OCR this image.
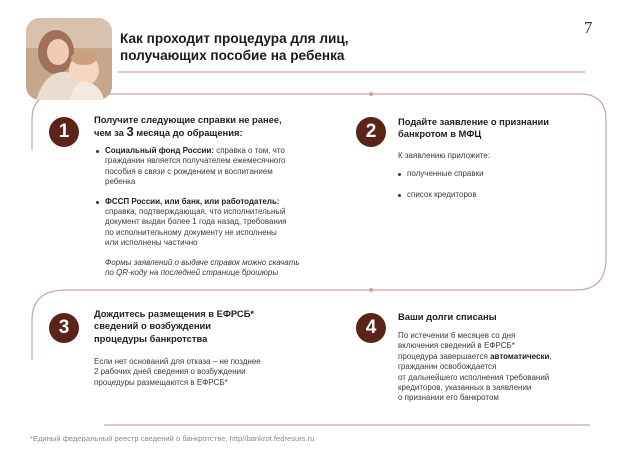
Как проходит процедура для лиц,
получающих пособие на ребенка
7
1
Получите следующие справки не ранее,
чем за 3 месяца до обращения:
Социальный фонд России: справка о том, что
гражданин является получателем ежемесячного
пособия в связи с рождением и воспитанием
ребенка
ФССП России, или банк, или работодатель:
справка, подтверждающая, что исполнительный
документ выдан более 1 года назад, требования
по исполнительному документу не исполнены
или исполнены частично
Формы заявлений о выдаче справок можно скачать
по QR-коду на последней странице брошюры
2	Подайте заявление о признании
банкротом в МФЦ
К заявлению приложите:
полученные справки
список кредиторов
3
Дождитесь размещения в ЕФРСБ*
сведений о возбуждении
процедуры банкротства
Если нет оснований для отказа – не позднее
2 рабочих дней сведения о возбуждении
процедуры размещаются в ЕФРСБ*
4
Ваши долги списаны
По истечении 6 месяцев со дня
включения сведений в ЕФРСБ*
процедура завершается автоматически,
гражданин освобождается
от дальнейшего исполнения требований
кредиторов, указанных в заявлении
о признании его банкротом
*Единый федеральный реестр сведений о банкротстве, http//bankrot.fedresurs.ru
